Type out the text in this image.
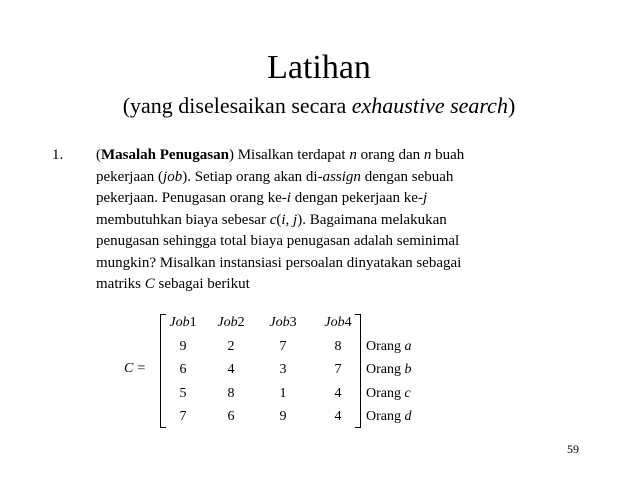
Latihan
(yang diselesaikan secara exhaustive search)
1. (Masalah Penugasan) Misalkan terdapat n orang dan n buah
pekerjaan (job). Setiap orang akan di-assign dengan sebuah
pekerjaan. Penugasan orang ke-i dengan pekerjaan ke-j
membutuhkan biaya sebesar c(i, j). Bagaimana melakukan
penugasan sehingga total biaya penugasan adalah seminimal
mungkin? Misalkan instansiasi persoalan dinyatakan sebagai
matriks C sebagai berikut
C =
Job1	Job2	Job3	Job4
9	2	7	8	Orang a
6	4	3	7	Orang b
5	8	1	4	Orang c
7	6	9	4	Orang d
59
